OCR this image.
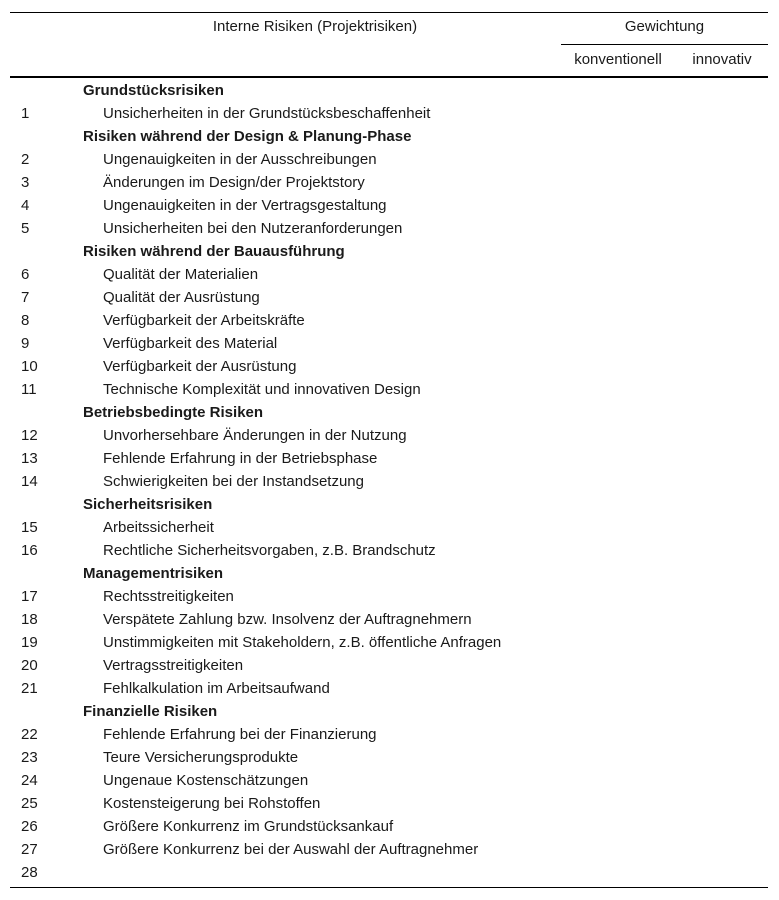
Interne Risiken (Projektrisiken)	Gewichtung
konventionell	innovativ
Grundstücksrisiken
1	Unsicherheiten in der Grundstücksbeschaffenheit
Risiken während der Design & Planung-Phase
2	Ungenauigkeiten in der Ausschreibungen
3	Änderungen im Design/der Projektstory
4	Ungenauigkeiten in der Vertragsgestaltung
5	Unsicherheiten bei den Nutzeranforderungen
Risiken während der Bauausführung
6	Qualität der Materialien
7	Qualität der Ausrüstung
8	Verfügbarkeit der Arbeitskräfte
9	Verfügbarkeit des Material
10	Verfügbarkeit der Ausrüstung
11	Technische Komplexität und innovativen Design
Betriebsbedingte Risiken
12	Unvorhersehbare Änderungen in der Nutzung
13	Fehlende Erfahrung in der Betriebsphase
14	Schwierigkeiten bei der Instandsetzung
Sicherheitsrisiken
15	Arbeitssicherheit
16	Rechtliche Sicherheitsvorgaben, z.B. Brandschutz
Managementrisiken
17	Rechtsstreitigkeiten
18	Verspätete Zahlung bzw. Insolvenz der Auftragnehmern
19	Unstimmigkeiten mit Stakeholdern, z.B. öffentliche Anfragen
20	Vertragsstreitigkeiten
21	Fehlkalkulation im Arbeitsaufwand
Finanzielle Risiken
22	Fehlende Erfahrung bei der Finanzierung
23	Teure Versicherungsprodukte
24	Ungenaue Kostenschätzungen
25	Kostensteigerung bei Rohstoffen
26	Größere Konkurrenz im Grundstücksankauf
27	Größere Konkurrenz bei der Auswahl der Auftragnehmer
28
